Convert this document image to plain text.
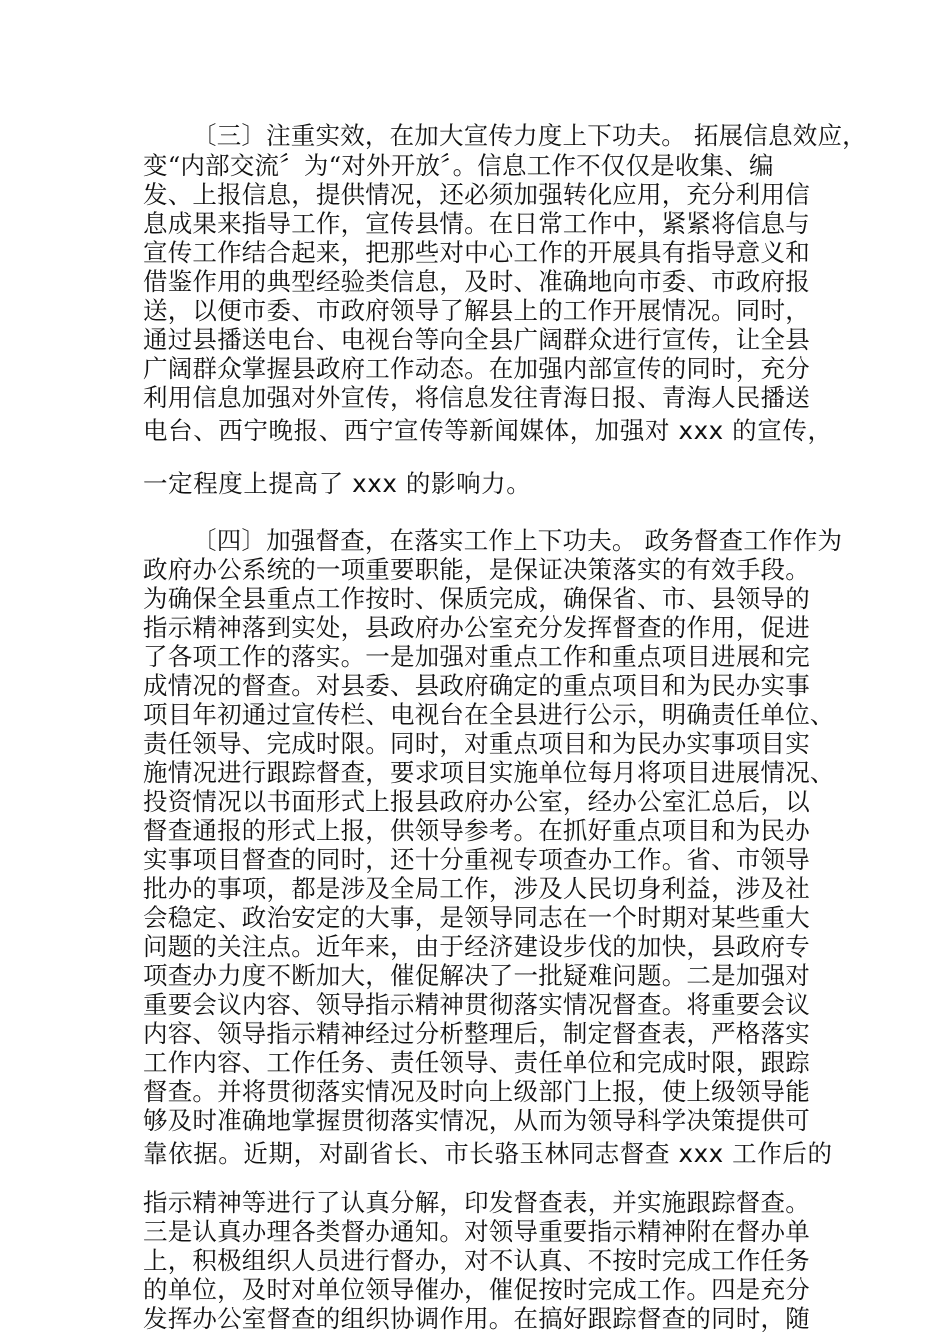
〔三〕注重实效，在加大宣传力度上下功夫。 拓展信息效应，

变“内部交流〞为“对外开放〞。信息工作不仅仅是收集、编

发、上报信息，提供情况，还必须加强转化应用，充分利用信

息成果来指导工作，宣传县情。在日常工作中，紧紧将信息与

宣传工作结合起来，把那些对中心工作的开展具有指导意义和

借鉴作用的典型经验类信息，及时、准确地向市委、市政府报

送，以便市委、市政府领导了解县上的工作开展情况。同时，

通过县播送电台、电视台等向全县广阔群众进行宣传，让全县

广阔群众掌握县政府工作动态。在加强内部宣传的同时，充分

利用信息加强对外宣传，将信息发往青海日报、青海人民播送

电台、西宁晚报、西宁宣传等新闻媒体，加强对 xxx 的宣传，

一定程度上提高了 xxx 的影响力。

〔四〕加强督查，在落实工作上下功夫。 政务督查工作作为

政府办公系统的一项重要职能，是保证决策落实的有效手段。

为确保全县重点工作按时、保质完成，确保省、市、县领导的

指示精神落到实处，县政府办公室充分发挥督查的作用，促进

了各项工作的落实。一是加强对重点工作和重点项目进展和完

成情况的督查。对县委、县政府确定的重点项目和为民办实事

项目年初通过宣传栏、电视台在全县进行公示，明确责任单位、

责任领导、完成时限。同时，对重点项目和为民办实事项目实

施情况进行跟踪督查，要求项目实施单位每月将项目进展情况、

投资情况以书面形式上报县政府办公室，经办公室汇总后，以

督查通报的形式上报，供领导参考。在抓好重点项目和为民办

实事项目督查的同时，还十分重视专项查办工作。省、市领导

批办的事项，都是涉及全局工作，涉及人民切身利益，涉及社

会稳定、政治安定的大事，是领导同志在一个时期对某些重大

问题的关注点。近年来，由于经济建设步伐的加快，县政府专

项查办力度不断加大，催促解决了一批疑难问题。二是加强对

重要会议内容、领导指示精神贯彻落实情况督查。将重要会议

内容、领导指示精神经过分析整理后，制定督查表，严格落实

工作内容、工作任务、责任领导、责任单位和完成时限，跟踪

督查。并将贯彻落实情况及时向上级部门上报，使上级领导能

够及时准确地掌握贯彻落实情况，从而为领导科学决策提供可

靠依据。近期，对副省长、市长骆玉林同志督查 xxx 工作后的

指示精神等进行了认真分解，印发督查表，并实施跟踪督查。

三是认真办理各类督办通知。对领导重要指示精神附在督办单

上，积极组织人员进行督办，对不认真、不按时完成工作任务

的单位，及时对单位领导催办，催促按时完成工作。四是充分

发挥办公室督查的组织协调作用。在搞好跟踪督查的同时，随
